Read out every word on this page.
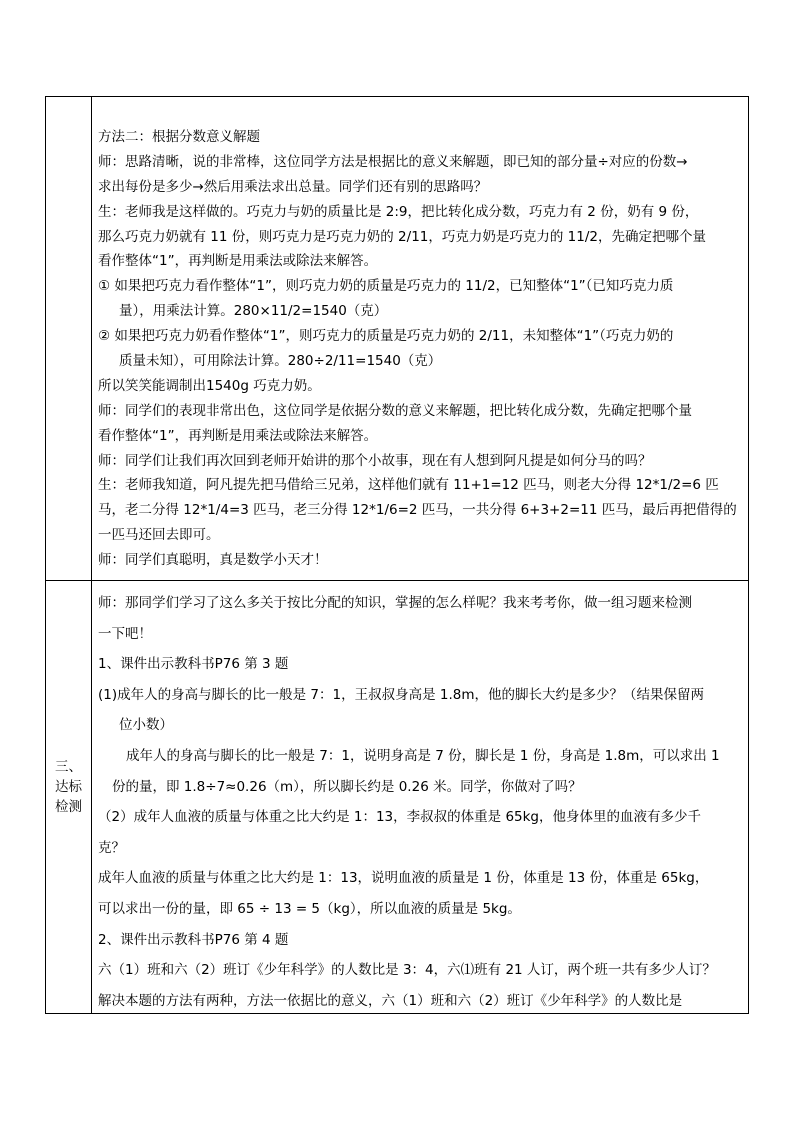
三、
达标
检测
方法二：根据分数意义解题
师：思路清晰，说的非常棒，这位同学方法是根据比的意义来解题，即已知的部分量÷对应的份数→
求出每份是多少→然后用乘法求出总量。同学们还有别的思路吗？
生：老师我是这样做的。巧克力与奶的质量比是 2:9，把比转化成分数，巧克力有 2 份，奶有 9 份，
那么巧克力奶就有 11 份，则巧克力是巧克力奶的 2/11，巧克力奶是巧克力的 11/2，先确定把哪个量
看作整体“1”，再判断是用乘法或除法来解答。
① 如果把巧克力看作整体“1”，则巧克力奶的质量是巧克力的 11/2，已知整体“1”（已知巧克力质
量），用乘法计算。280×11/2=1540（克）
② 如果把巧克力奶看作整体“1”，则巧克力的质量是巧克力奶的 2/11，未知整体“1”（巧克力奶的
质量未知），可用除法计算。280÷2/11=1540（克）
所以笑笑能调制出1540g 巧克力奶。
师：同学们的表现非常出色，这位同学是依据分数的意义来解题，把比转化成分数，先确定把哪个量
看作整体“1”，再判断是用乘法或除法来解答。
师：同学们让我们再次回到老师开始讲的那个小故事，现在有人想到阿凡提是如何分马的吗？
生：老师我知道，阿凡提先把马借给三兄弟，这样他们就有 11+1=12 匹马，则老大分得 12*1/2=6 匹
马，老二分得 12*1/4=3 匹马，老三分得 12*1/6=2 匹马，一共分得 6+3+2=11 匹马，最后再把借得的
一匹马还回去即可。
师：同学们真聪明，真是数学小天才！
师：那同学们学习了这么多关于按比分配的知识，掌握的怎么样呢？我来考考你，做一组习题来检测
一下吧！
1、课件出示教科书P76 第 3 题
(1)成年人的身高与脚长的比一般是 7：1，王叔叔身高是 1.8m，他的脚长大约是多少？（结果保留两
位小数）
成年人的身高与脚长的比一般是 7：1，说明身高是 7 份，脚长是 1 份，身高是 1.8m，可以求出 1
份的量，即 1.8÷7≈0.26（m），所以脚长约是 0.26 米。同学，你做对了吗？
（2）成年人血液的质量与体重之比大约是 1：13，李叔叔的体重是 65kg，他身体里的血液有多少千
克？
成年人血液的质量与体重之比大约是 1：13，说明血液的质量是 1 份，体重是 13 份，体重是 65kg，
可以求出一份的量，即 65 ÷ 13 = 5（kg），所以血液的质量是 5kg。
2、课件出示教科书P76 第 4 题
六（1）班和六（2）班订《少年科学》的人数比是 3：4，六⑴班有 21 人订，两个班一共有多少人订？
解决本题的方法有两种，方法一依据比的意义，六（1）班和六（2）班订《少年科学》的人数比是
